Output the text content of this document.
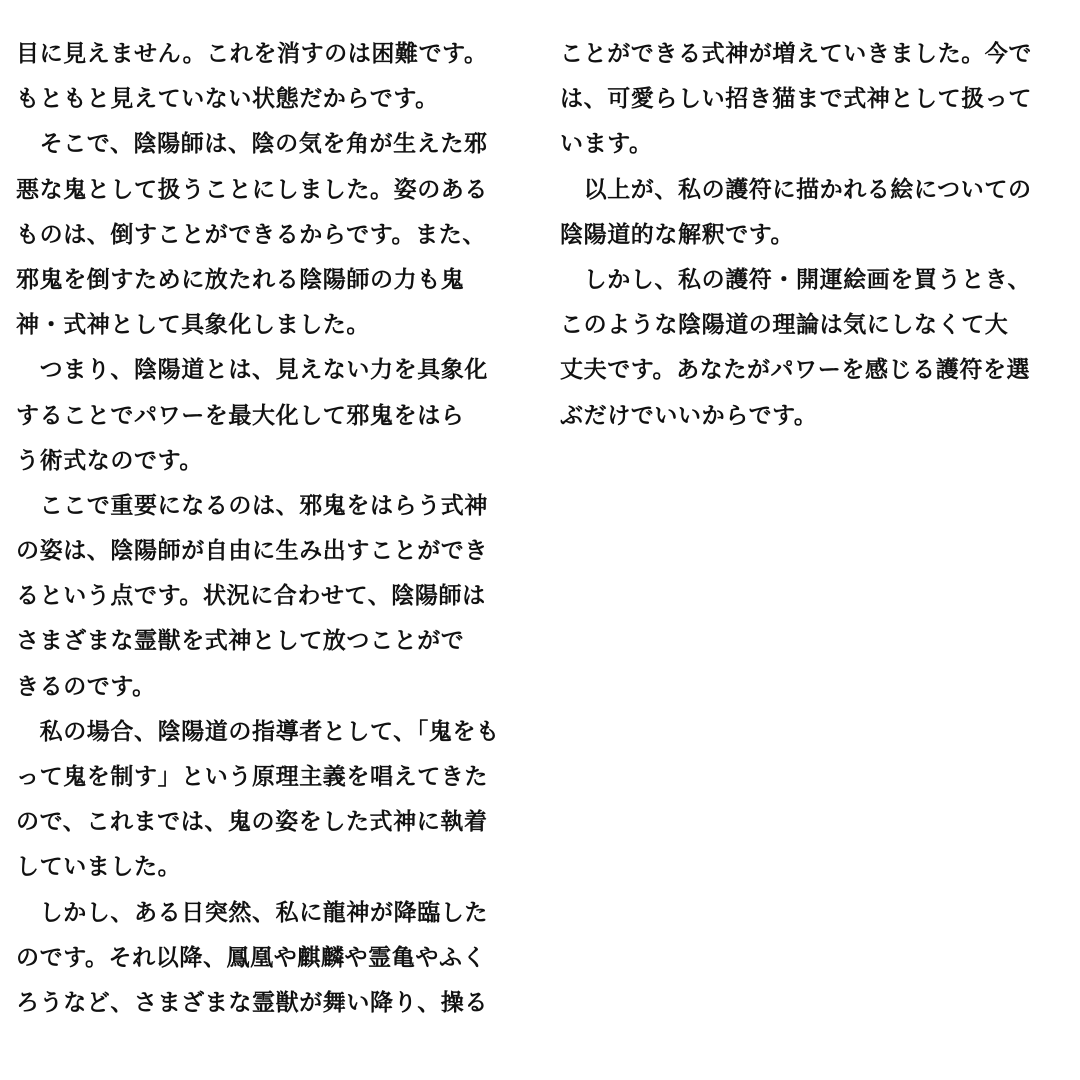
目に見えません。これを消すのは困難です。
もともと見えていない状態だからです。
　そこで、陰陽師は、陰の気を角が生えた邪
悪な鬼として扱うことにしました。姿のある
ものは、倒すことができるからです。また、
邪鬼を倒すために放たれる陰陽師の力も鬼
神・式神として具象化しました。
　つまり、陰陽道とは、見えない力を具象化
することでパワーを最大化して邪鬼をはら
う術式なのです。
　ここで重要になるのは、邪鬼をはらう式神
の姿は、陰陽師が自由に生み出すことができ
るという点です。状況に合わせて、陰陽師は
さまざまな霊獣を式神として放つことがで
きるのです。
　私の場合、陰陽道の指導者として、「鬼をも
って鬼を制す」という原理主義を唱えてきた
ので、これまでは、鬼の姿をした式神に執着
していました。
　しかし、ある日突然、私に龍神が降臨した
のです。それ以降、鳳凰や麒麟や霊亀やふく
ろうなど、さまざまな霊獣が舞い降り、操る
ことができる式神が増えていきました。今で
は、可愛らしい招き猫まで式神として扱って
います。
　以上が、私の護符に描かれる絵についての
陰陽道的な解釈です。
　しかし、私の護符・開運絵画を買うとき、
このような陰陽道の理論は気にしなくて大
丈夫です。あなたがパワーを感じる護符を選
ぶだけでいいからです。
